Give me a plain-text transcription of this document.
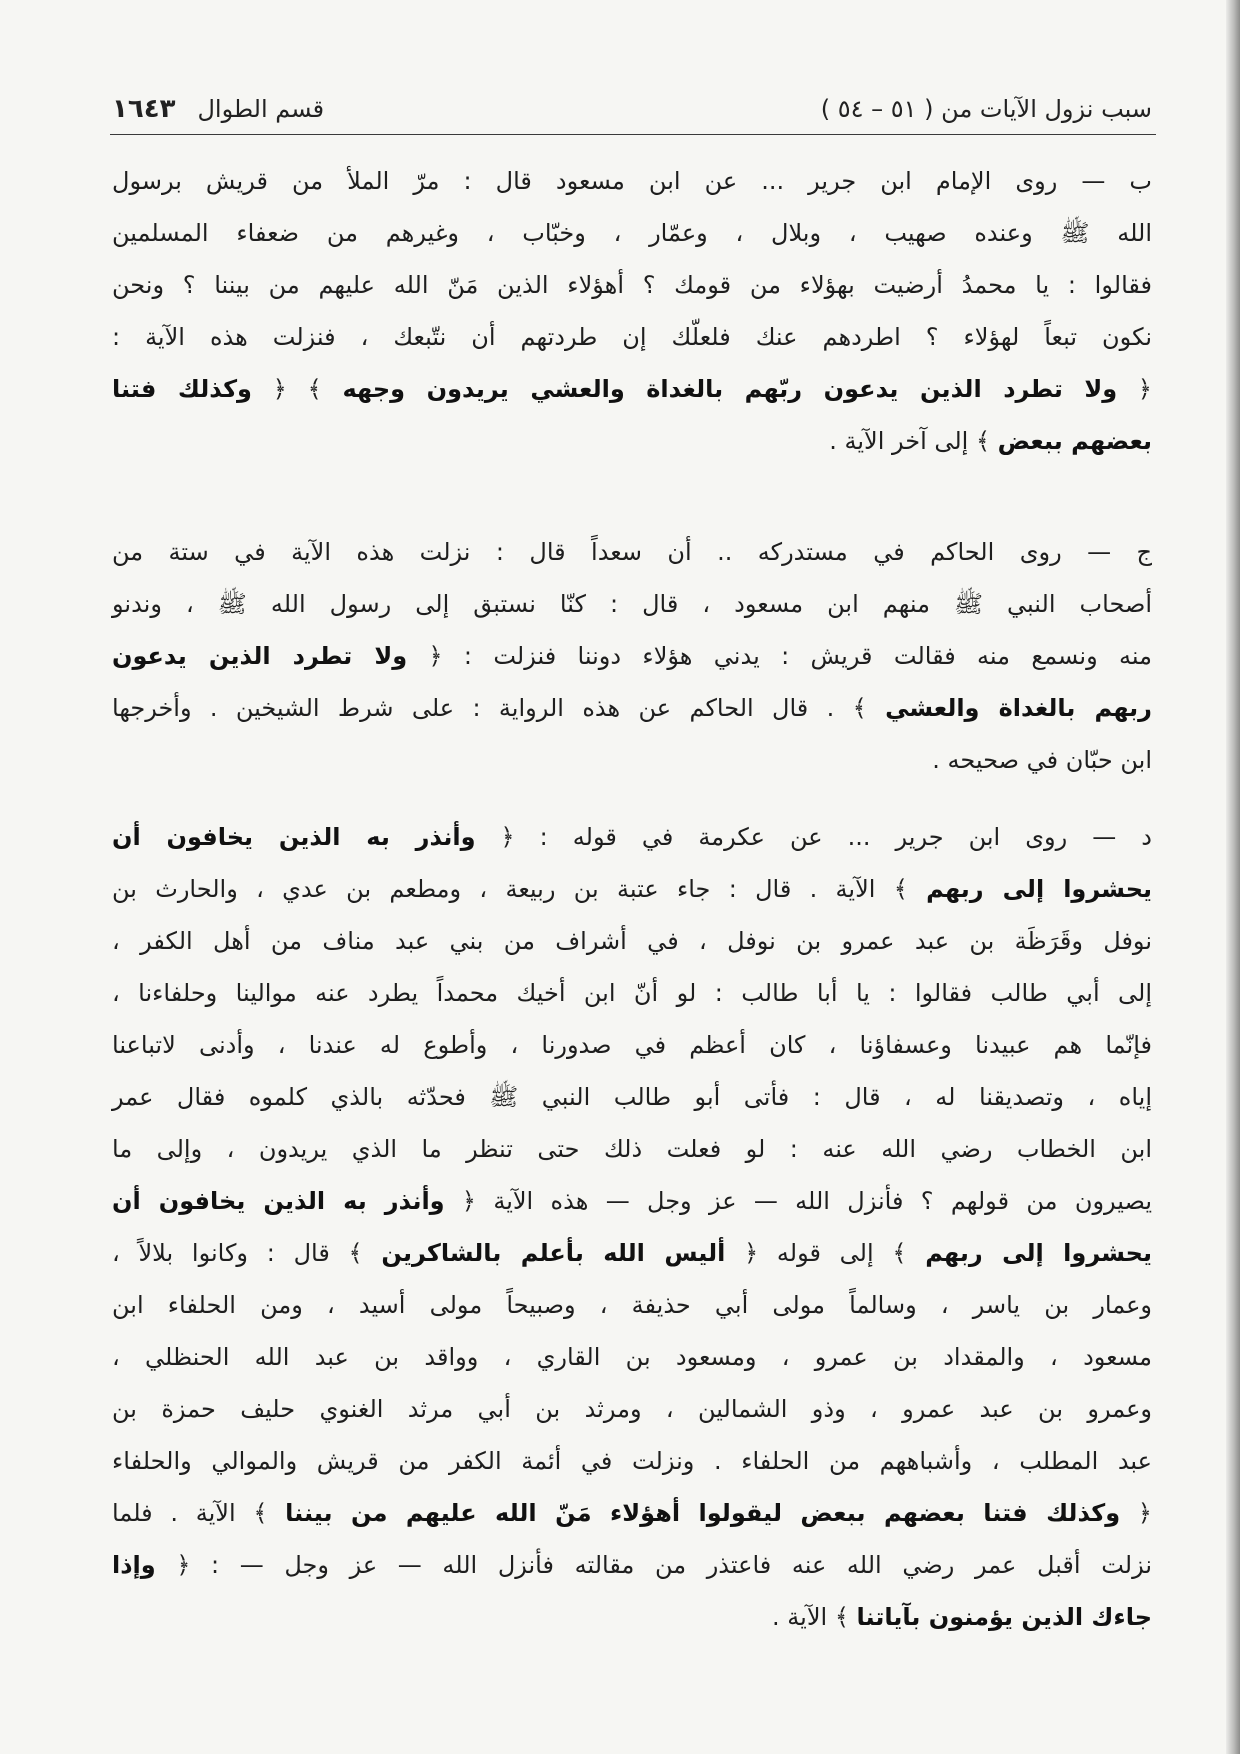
سبب نزول الآيات من ( ٥١ – ٥٤ )
قسم الطوال
١٦٤٣
ب — روى الإمام ابن جرير ... عن ابن مسعود قال : مرّ الملأ من قريش برسول
الله ﷺ وعنده صهيب ، وبلال ، وعمّار ، وخبّاب ، وغيرهم من ضعفاء المسلمين
فقالوا : يا محمدُ أرضيت بهؤلاء من قومك ؟ أهؤلاء الذين مَنّ الله عليهم من بيننا ؟ ونحن
نكون تبعاً لهؤلاء ؟ اطردهم عنك فلعلّك إن طردتهم أن نتّبعك ، فنزلت هذه الآية :
﴿ ولا تطرد الذين يدعون ربّهم بالغداة والعشي يريدون وجهه ﴾ ﴿ وكذلك فتنا
بعضهم ببعض ﴾ إلى آخر الآية .
ج — روى الحاكم في مستدركه .. أن سعداً قال : نزلت هذه الآية في ستة من
أصحاب النبي ﷺ منهم ابن مسعود ، قال : كنّا نستبق إلى رسول الله ﷺ ، وندنو
منه ونسمع منه فقالت قريش : يدني هؤلاء دوننا فنزلت : ﴿ ولا تطرد الذين يدعون
ربهم بالغداة والعشي ﴾ . قال الحاكم عن هذه الرواية : على شرط الشيخين . وأخرجها
ابن حبّان في صحيحه .
د — روى ابن جرير ... عن عكرمة في قوله : ﴿ وأنذر به الذين يخافون أن
يحشروا إلى ربهم ﴾ الآية . قال : جاء عتبة بن ربيعة ، ومطعم بن عدي ، والحارث بن
نوفل وقَرَظَة بن عبد عمرو بن نوفل ، في أشراف من بني عبد مناف من أهل الكفر ،
إلى أبي طالب فقالوا : يا أبا طالب : لو أنّ ابن أخيك محمداً يطرد عنه موالينا وحلفاءنا ،
فإنّما هم عبيدنا وعسفاؤنا ، كان أعظم في صدورنا ، وأطوع له عندنا ، وأدنى لاتباعنا
إياه ، وتصديقنا له ، قال : فأتى أبو طالب النبي ﷺ فحدّثه بالذي كلموه فقال عمر
ابن الخطاب رضي الله عنه : لو فعلت ذلك حتى تنظر ما الذي يريدون ، وإلى ما
يصيرون من قولهم ؟ فأنزل الله — عز وجل — هذه الآية ﴿ وأنذر به الذين يخافون أن
يحشروا إلى ربهم ﴾ إلى قوله ﴿ أليس الله بأعلم بالشاكرين ﴾ قال : وكانوا بلالاً ،
وعمار بن ياسر ، وسالماً مولى أبي حذيفة ، وصبيحاً مولى أسيد ، ومن الحلفاء ابن
مسعود ، والمقداد بن عمرو ، ومسعود بن القاري ، وواقد بن عبد الله الحنظلي ،
وعمرو بن عبد عمرو ، وذو الشمالين ، ومرثد بن أبي مرثد الغنوي حليف حمزة بن
عبد المطلب ، وأشباههم من الحلفاء . ونزلت في أئمة الكفر من قريش والموالي والحلفاء
﴿ وكذلك فتنا بعضهم ببعض ليقولوا أهؤلاء مَنّ الله عليهم من بيننا ﴾ الآية . فلما
نزلت أقبل عمر رضي الله عنه فاعتذر من مقالته فأنزل الله — عز وجل — : ﴿ وإذا
جاءك الذين يؤمنون بآياتنا ﴾ الآية .
